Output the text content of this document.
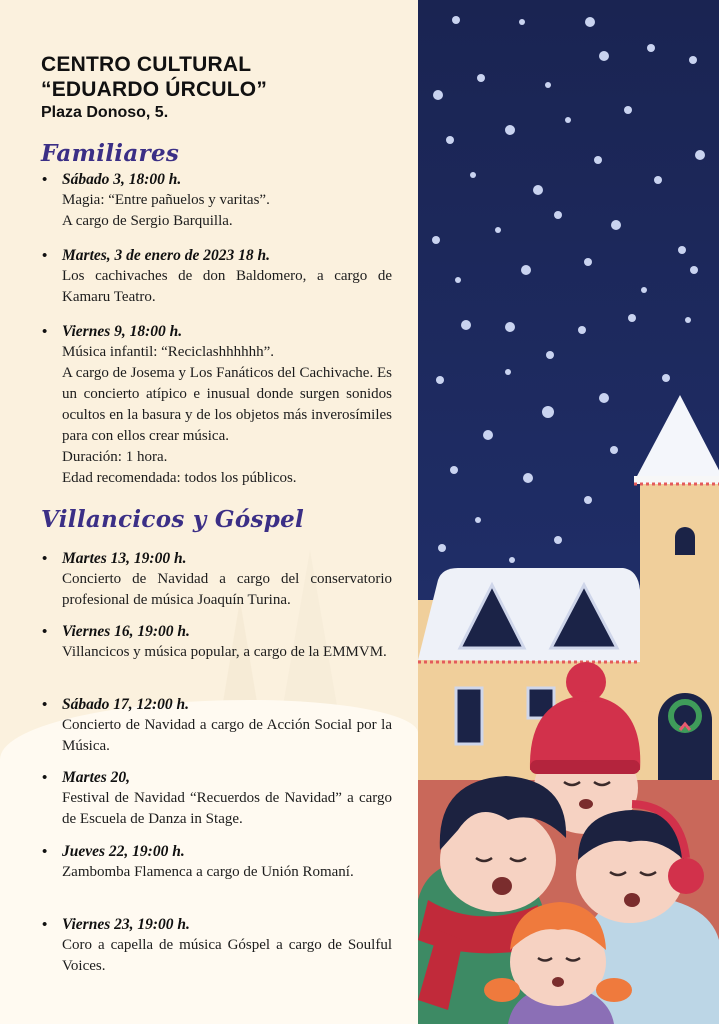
CENTRO CULTURAL
“EDUARDO ÚRCULO”
Plaza Donoso, 5.
Familiares
• Sábado 3, 18:00 h.
Magia: “Entre pañuelos y varitas”.
A cargo de Sergio Barquilla.
• Martes, 3 de enero de 2023 18 h.
Los cachivaches de don Baldomero, a cargo de Kamaru Teatro.
• Viernes 9, 18:00 h.
Música infantil: “Reciclashhhhhh”.
A cargo de Josema y Los Fanáticos del Cachivache. Es un concierto atípico e inusual donde surgen sonidos ocultos en la basura y de los objetos más inverosímiles para con ellos crear música.
Duración: 1 hora.
Edad recomendada: todos los públicos.
Villancicos y Góspel
• Martes 13, 19:00 h.
Concierto de Navidad a cargo del conservatorio profesional de música Joaquín Turina.
• Viernes 16, 19:00 h.
Villancicos y música popular, a cargo de la EMMVM.
• Sábado 17, 12:00 h.
Concierto de Navidad a cargo de Acción Social por la Música.
• Martes 20,
Festival de Navidad “Recuerdos de Navidad” a cargo de Escuela de Danza in Stage.
• Jueves 22, 19:00 h.
Zambomba Flamenca a cargo de Unión Romaní.
• Viernes 23, 19:00 h.
Coro a capella de música Góspel a cargo de Soulful Voices.
